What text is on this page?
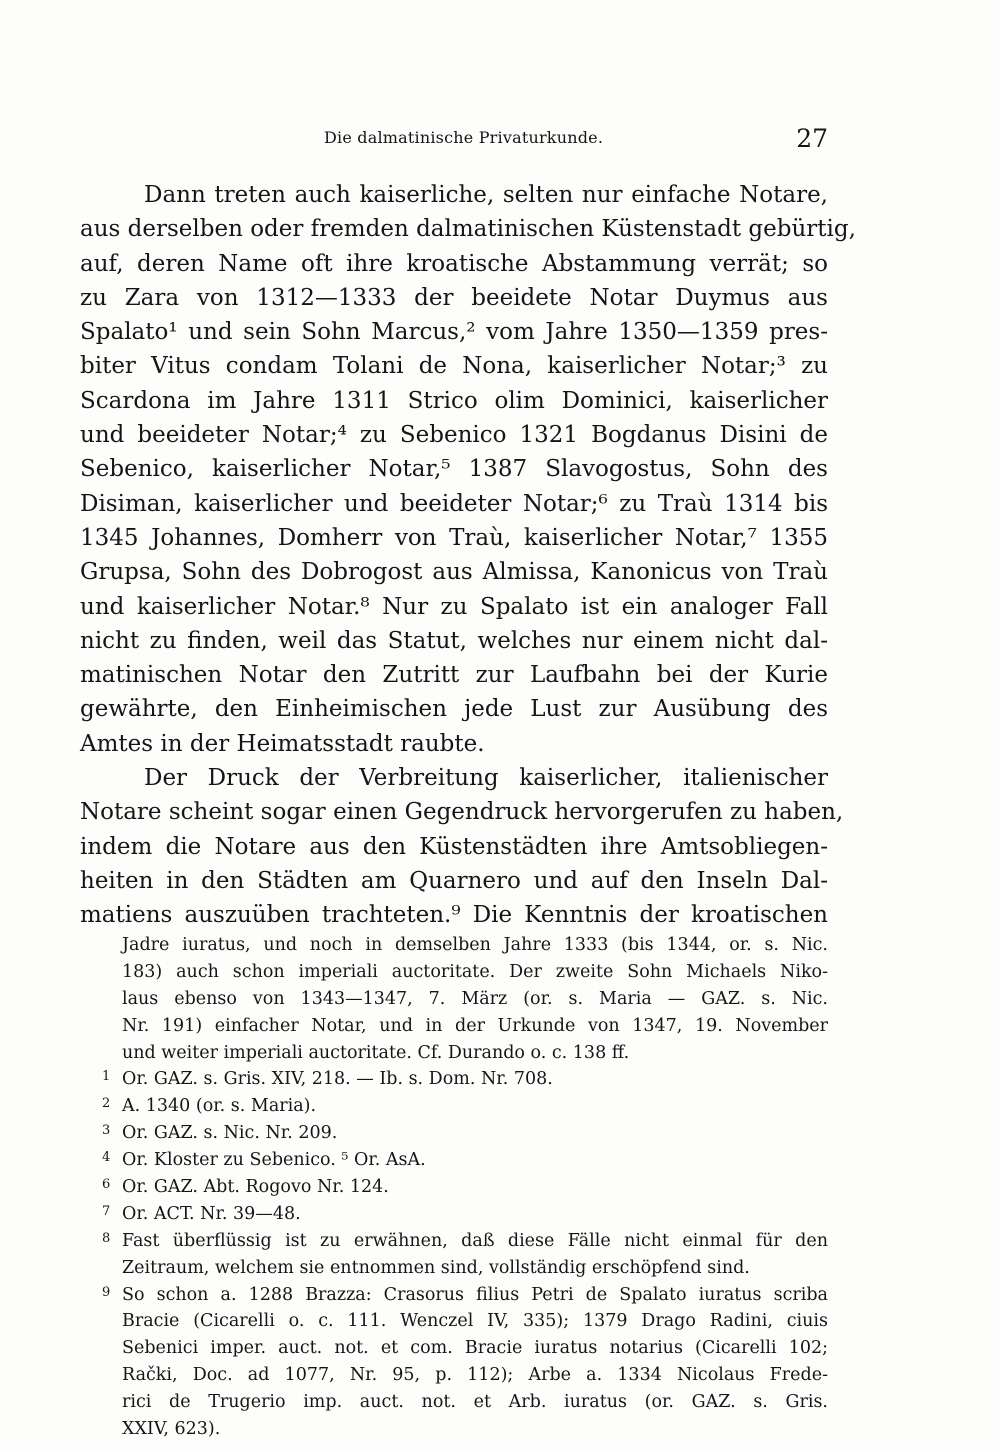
Die dalmatinische Privaturkunde.	27
Dann treten auch kaiserliche, selten nur einfache Notare,
aus derselben oder fremden dalmatinischen Küstenstadt gebürtig,
auf, deren Name oft ihre kroatische Abstammung verrät; so
zu Zara von 1312—1333 der beeidete Notar Duymus aus
Spalato¹ und sein Sohn Marcus,² vom Jahre 1350—1359 pres-
biter Vitus condam Tolani de Nona, kaiserlicher Notar;³ zu
Scardona im Jahre 1311 Strico olim Dominici, kaiserlicher
und beeideter Notar;⁴ zu Sebenico 1321 Bogdanus Disini de
Sebenico, kaiserlicher Notar,⁵ 1387 Slavogostus, Sohn des
Disiman, kaiserlicher und beeideter Notar;⁶ zu Traù 1314 bis
1345 Johannes, Domherr von Traù, kaiserlicher Notar,⁷ 1355
Grupsa, Sohn des Dobrogost aus Almissa, Kanonicus von Traù
und kaiserlicher Notar.⁸ Nur zu Spalato ist ein analoger Fall
nicht zu finden, weil das Statut, welches nur einem nicht dal-
matinischen Notar den Zutritt zur Laufbahn bei der Kurie
gewährte, den Einheimischen jede Lust zur Ausübung des
Amtes in der Heimatsstadt raubte.
Der Druck der Verbreitung kaiserlicher, italienischer
Notare scheint sogar einen Gegendruck hervorgerufen zu haben,
indem die Notare aus den Küstenstädten ihre Amtsobliegen-
heiten in den Städten am Quarnero und auf den Inseln Dal-
matiens auszuüben trachteten.⁹ Die Kenntnis der kroatischen
Jadre iuratus, und noch in demselben Jahre 1333 (bis 1344, or. s. Nic.
183) auch schon imperiali auctoritate. Der zweite Sohn Michaels Niko-
laus ebenso von 1343—1347, 7. März (or. s. Maria — GAZ. s. Nic.
Nr. 191) einfacher Notar, und in der Urkunde von 1347, 19. November
und weiter imperiali auctoritate. Cf. Durando o. c. 138 ff.
1 Or. GAZ. s. Gris. XIV, 218. — Ib. s. Dom. Nr. 708.
2 A. 1340 (or. s. Maria).
3 Or. GAZ. s. Nic. Nr. 209.
4 Or. Kloster zu Sebenico. ⁵ Or. AsA.
6 Or. GAZ. Abt. Rogovo Nr. 124.
7 Or. ACT. Nr. 39—48.
8 Fast überflüssig ist zu erwähnen, daß diese Fälle nicht einmal für den
Zeitraum, welchem sie entnommen sind, vollständig erschöpfend sind.
9 So schon a. 1288 Brazza: Crasorus filius Petri de Spalato iuratus scriba
Bracie (Cicarelli o. c. 111. Wenczel IV, 335); 1379 Drago Radini, ciuis
Sebenici imper. auct. not. et com. Bracie iuratus notarius (Cicarelli 102;
Rački, Doc. ad 1077, Nr. 95, p. 112); Arbe a. 1334 Nicolaus Frede-
rici de Trugerio imp. auct. not. et Arb. iuratus (or. GAZ. s. Gris.
XXIV, 623).
